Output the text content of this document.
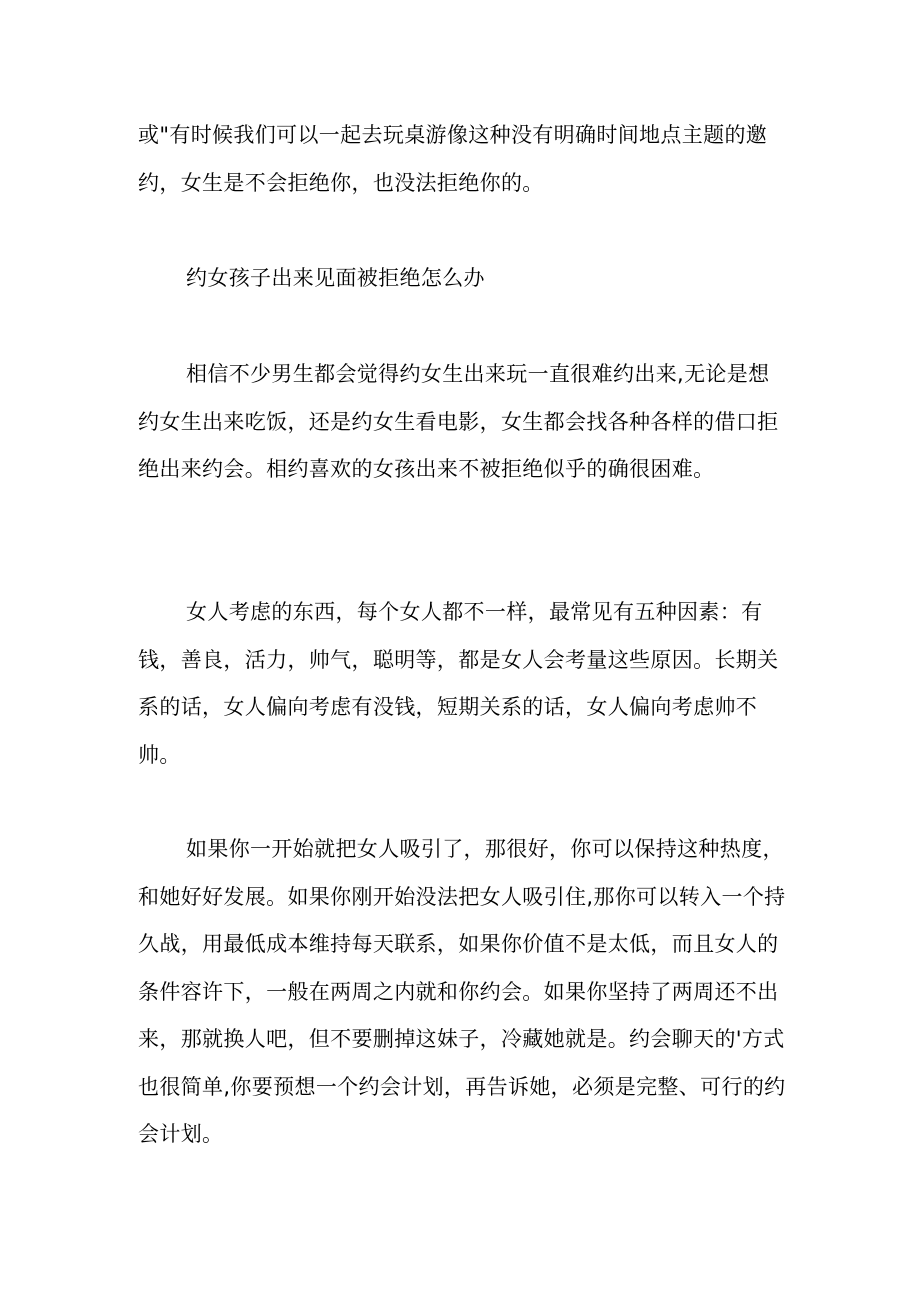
或"有时候我们可以一起去玩桌游像这种没有明确时间地点主题的邀约，女生是不会拒绝你，也没法拒绝你的。

约女孩子出来见面被拒绝怎么办

相信不少男生都会觉得约女生出来玩一直很难约出来,无论是想约女生出来吃饭，还是约女生看电影，女生都会找各种各样的借口拒绝出来约会。相约喜欢的女孩出来不被拒绝似乎的确很困难。

女人考虑的东西，每个女人都不一样，最常见有五种因素：有钱，善良，活力，帅气，聪明等，都是女人会考量这些原因。长期关系的话，女人偏向考虑有没钱，短期关系的话，女人偏向考虑帅不帅。

如果你一开始就把女人吸引了，那很好，你可以保持这种热度，和她好好发展。如果你刚开始没法把女人吸引住,那你可以转入一个持久战，用最低成本维持每天联系，如果你价值不是太低，而且女人的条件容许下，一般在两周之内就和你约会。如果你坚持了两周还不出来，那就换人吧，但不要删掉这妹子，冷藏她就是。约会聊天的'方式也很简单,你要预想一个约会计划，再告诉她，必须是完整、可行的约会计划。
